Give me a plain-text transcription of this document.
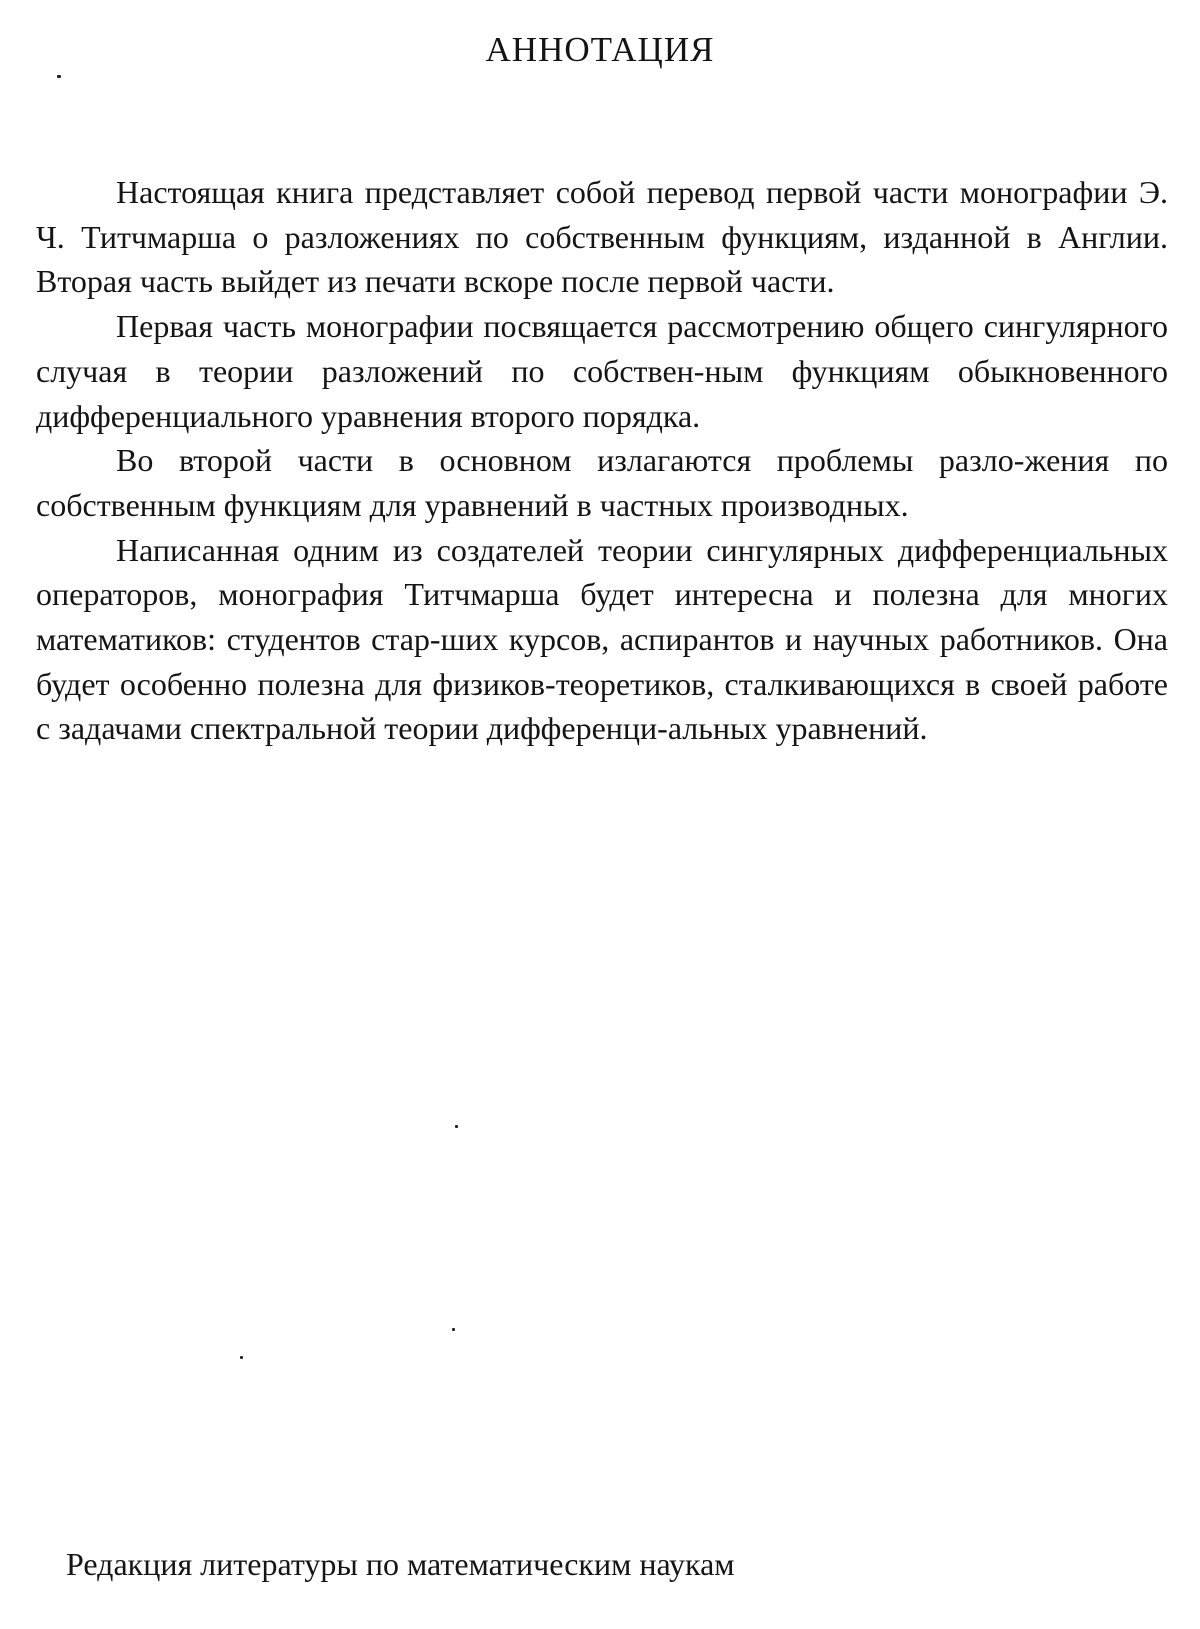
АННОТАЦИЯ

Настоящая книга представляет собой перевод первой части монографии Э. Ч. Титчмарша о разложениях по собственным функциям, изданной в Англии. Вторая часть выйдет из печати вскоре после первой части.

Первая часть монографии посвящается рассмотрению общего сингулярного случая в теории разложений по собствен-ным функциям обыкновенного дифференциального уравнения второго порядка.

Во второй части в основном излагаются проблемы разло-жения по собственным функциям для уравнений в частных производных.

Написанная одним из создателей теории сингулярных дифференциальных операторов, монография Титчмарша будет интересна и полезна для многих математиков: студентов стар-ших курсов, аспирантов и научных работников. Она будет особенно полезна для физиков-теоретиков, сталкивающихся в своей работе с задачами спектральной теории дифференци-альных уравнений.

Редакция литературы по математическим наукам
